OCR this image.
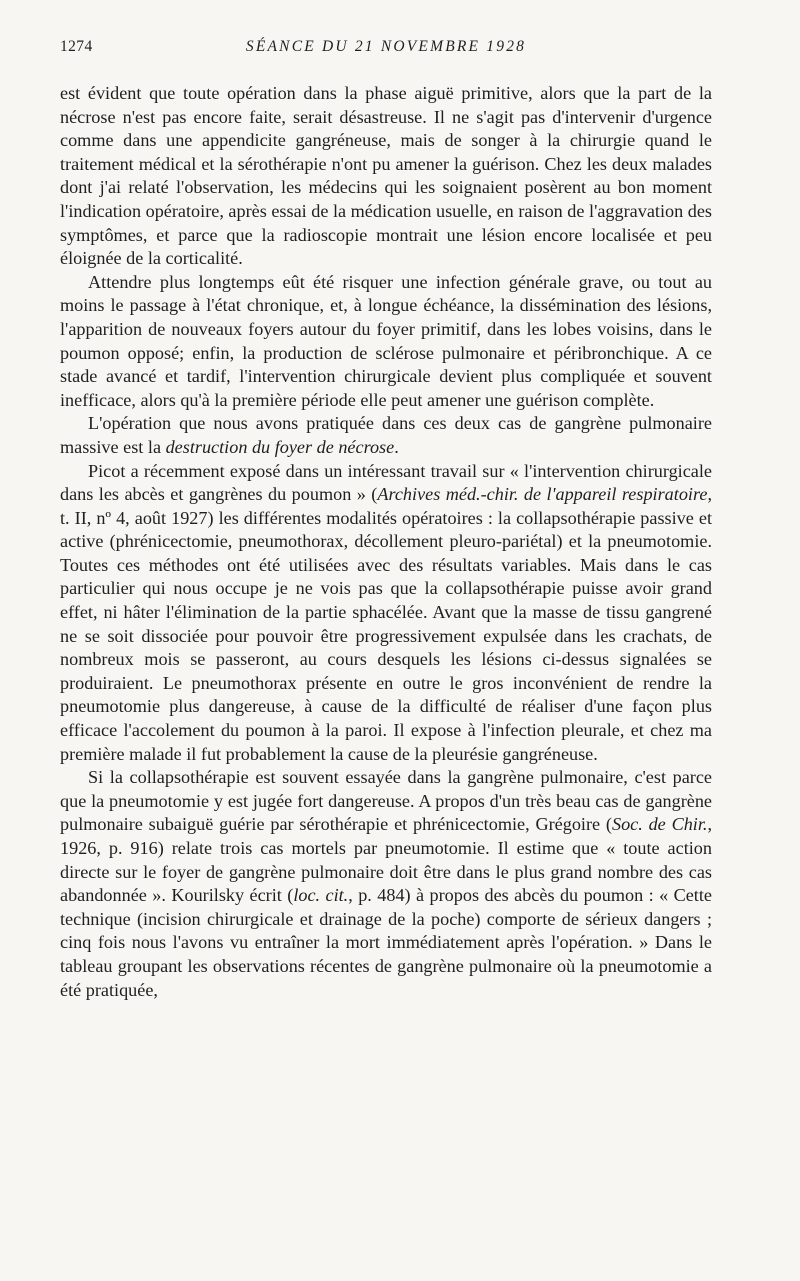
1274	SÉANCE DU 21 NOVEMBRE 1928

est évident que toute opération dans la phase aiguë primitive, alors que la part de la nécrose n'est pas encore faite, serait désastreuse. Il ne s'agit pas d'intervenir d'urgence comme dans une appendicite gangréneuse, mais de songer à la chirurgie quand le traitement médical et la sérothérapie n'ont pu amener la guérison. Chez les deux malades dont j'ai relaté l'observation, les médecins qui les soignaient posèrent au bon moment l'indication opératoire, après essai de la médication usuelle, en raison de l'aggravation des symptômes, et parce que la radioscopie montrait une lésion encore localisée et peu éloignée de la corticalité.

Attendre plus longtemps eût été risquer une infection générale grave, ou tout au moins le passage à l'état chronique, et, à longue échéance, la dissémination des lésions, l'apparition de nouveaux foyers autour du foyer primitif, dans les lobes voisins, dans le poumon opposé; enfin, la production de sclérose pulmonaire et péribronchique. A ce stade avancé et tardif, l'intervention chirurgicale devient plus compliquée et souvent inefficace, alors qu'à la première période elle peut amener une guérison complète.

L'opération que nous avons pratiquée dans ces deux cas de gangrène pulmonaire massive est la destruction du foyer de nécrose.

Picot a récemment exposé dans un intéressant travail sur « l'intervention chirurgicale dans les abcès et gangrènes du poumon » (Archives méd.-chir. de l'appareil respiratoire, t. II, nº 4, août 1927) les différentes modalités opératoires : la collapsothérapie passive et active (phrénicectomie, pneumothorax, décollement pleuro-pariétal) et la pneumotomie. Toutes ces méthodes ont été utilisées avec des résultats variables. Mais dans le cas particulier qui nous occupe je ne vois pas que la collapsothérapie puisse avoir grand effet, ni hâter l'élimination de la partie sphacélée. Avant que la masse de tissu gangrené ne se soit dissociée pour pouvoir être progressivement expulsée dans les crachats, de nombreux mois se passeront, au cours desquels les lésions ci-dessus signalées se produiraient. Le pneumothorax présente en outre le gros inconvénient de rendre la pneumotomie plus dangereuse, à cause de la difficulté de réaliser d'une façon plus efficace l'accolement du poumon à la paroi. Il expose à l'infection pleurale, et chez ma première malade il fut probablement la cause de la pleurésie gangréneuse.

Si la collapsothérapie est souvent essayée dans la gangrène pulmonaire, c'est parce que la pneumotomie y est jugée fort dangereuse. A propos d'un très beau cas de gangrène pulmonaire subaiguë guérie par sérothérapie et phrénicectomie, Grégoire (Soc. de Chir., 1926, p. 916) relate trois cas mortels par pneumotomie. Il estime que « toute action directe sur le foyer de gangrène pulmonaire doit être dans le plus grand nombre des cas abandonnée ». Kourilsky écrit (loc. cit., p. 484) à propos des abcès du poumon : « Cette technique (incision chirurgicale et drainage de la poche) comporte de sérieux dangers ; cinq fois nous l'avons vu entraîner la mort immédiatement après l'opération. » Dans le tableau groupant les observations récentes de gangrène pulmonaire où la pneumotomie a été pratiquée,
